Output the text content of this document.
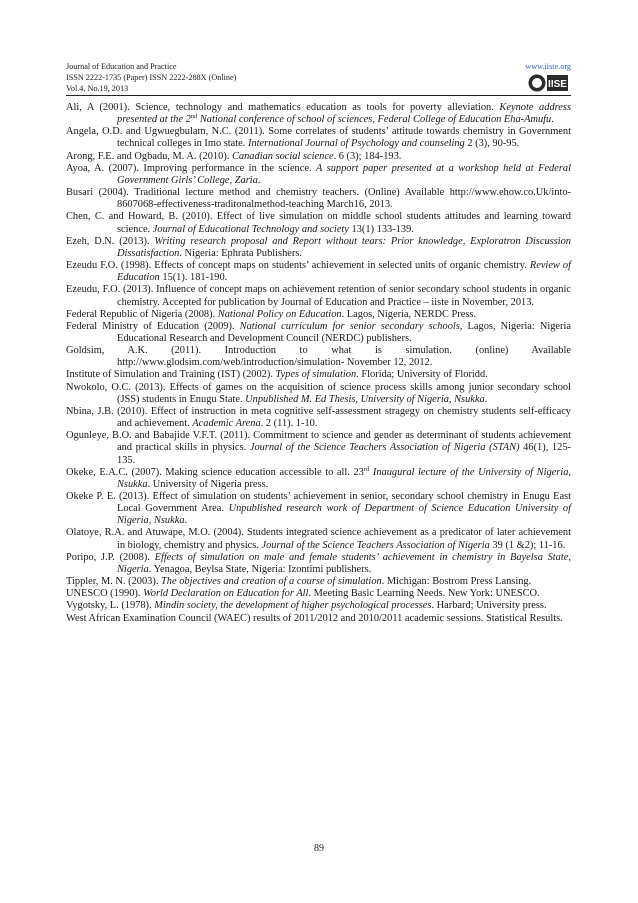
Journal of Education and Practice
ISSN 2222-1735 (Paper) ISSN 2222-288X (Online)
Vol.4, No.19, 2013
www.iiste.org
IISE

Ali, A (2001). Science, technology and mathematics education as tools for poverty alleviation. Keynote address presented at the 2nd National conference of school of sciences, Federal College of Education Eha-Amufu.

Angela, O.D. and Ugwuegbulam, N.C. (2011). Some correlates of students’ attitude towards chemistry in Government technical colleges in Imo state. International Journal of Psychology and counseling 2 (3), 90-95.

Arong, F.E. and Ogbadu, M. A. (2010). Canadian social science. 6 (3); 184-193.

Ayoa, A. (2007). Improving performance in the science. A support paper presented at a workshop held at Federal Government Girls’ College, Zaria.

Busari (2004). Traditional lecture method and chemistry teachers. (Online) Available http://www.ehow.co.Uk/into-8607068-effectiveness-traditonalmethod-teaching March16, 2013.

Chen, C. and Howard, B. (2010). Effect of live simulation on middle school students attitudes and learning toward science. Journal of Educational Technology and society 13(1) 133-139.

Ezeh, D.N. (2013). Writing research proposal and Report without tears: Prior knowledge, Exploratron Discussion Dissatisfaction. Nigeria: Ephrata Publishers.

Ezeudu F.O. (1998). Effects of concept maps on students’ achievement in selected units of organic chemistry. Review of Education 15(1). 181-190.

Ezeudu, F.O. (2013). Influence of concept maps on achievement retention of senior secondary school students in organic chemistry. Accepted for publication by Journal of Education and Practice – iiste in November, 2013.

Federal Republic of Nigeria (2008). National Policy on Education. Lagos, Nigeria, NERDC Press.

Federal Ministry of Education (2009). National curriculum for senior secondary schools, Lagos, Nigeria: Nigeria Educational Research and Development Council (NERDC) publishers.

Goldsim, A.K. (2011). Introduction to what is simulation. (online) Available http://www.glodsim.com/web/introduction/simulation- November 12, 2012.

Institute of Simulation and Training (IST) (2002). Types of simulation. Florida; University of Floridd.

Nwokolo, O.C. (2013). Effects of games on the acquisition of science process skills among junior secondary school (JSS) students in Enugu State. Unpublished M. Ed Thesis, University of Nigeria, Nsukka.

Nbina, J.B. (2010). Effect of instruction in meta cognitive self-assessment stragegy on chemistry students self-efficacy and achievement. Academic Arena. 2 (11). 1-10.

Ogunleye, B.O. and Babajide V.F.T. (2011). Commitment to science and gender as determinant of students achievement and practical skills in physics. Journal of the Science Teachers Association of Nigeria (STAN) 46(1), 125-135.

Okeke, E.A.C. (2007). Making science education accessible to all. 23rd Inaugural lecture of the University of Nigeria, Nsukka. University of Nigeria press.

Okeke P. E. (2013). Effect of simulation on students’ achievement in senior, secondary school chemistry in Enugu East Local Government Area. Unpublished research work of Department of Science Education University of Nigeria, Nsukka.

Olatoye, R.A. and Atuwape, M.O. (2004). Students integrated science achievement as a predicator of later achievement in biology, chemistry and physics. Journal of the Science Teachers Association of Nigeria 39 (1 &2); 11-16.

Poripo, J.P. (2008). Effects of simulation on male and female students’ achievement in chemistry in Bayelsa State, Nigeria. Yenagoa, Beylsa State, Nigeria: Izontimi publishers.

Tippler, M. N. (2003). The objectives and creation of a course of simulation. Michigan: Bostrom Press Lansing.

UNESCO (1990). World Declaration on Education for All. Meeting Basic Learning Needs. New York: UNESCO.

Vygotsky, L. (1978). Mindin society, the development of higher psychological processes. Harbard; University press.

West African Examination Council (WAEC) results of 2011/2012 and 2010/2011 academic sessions. Statistical Results.

89
